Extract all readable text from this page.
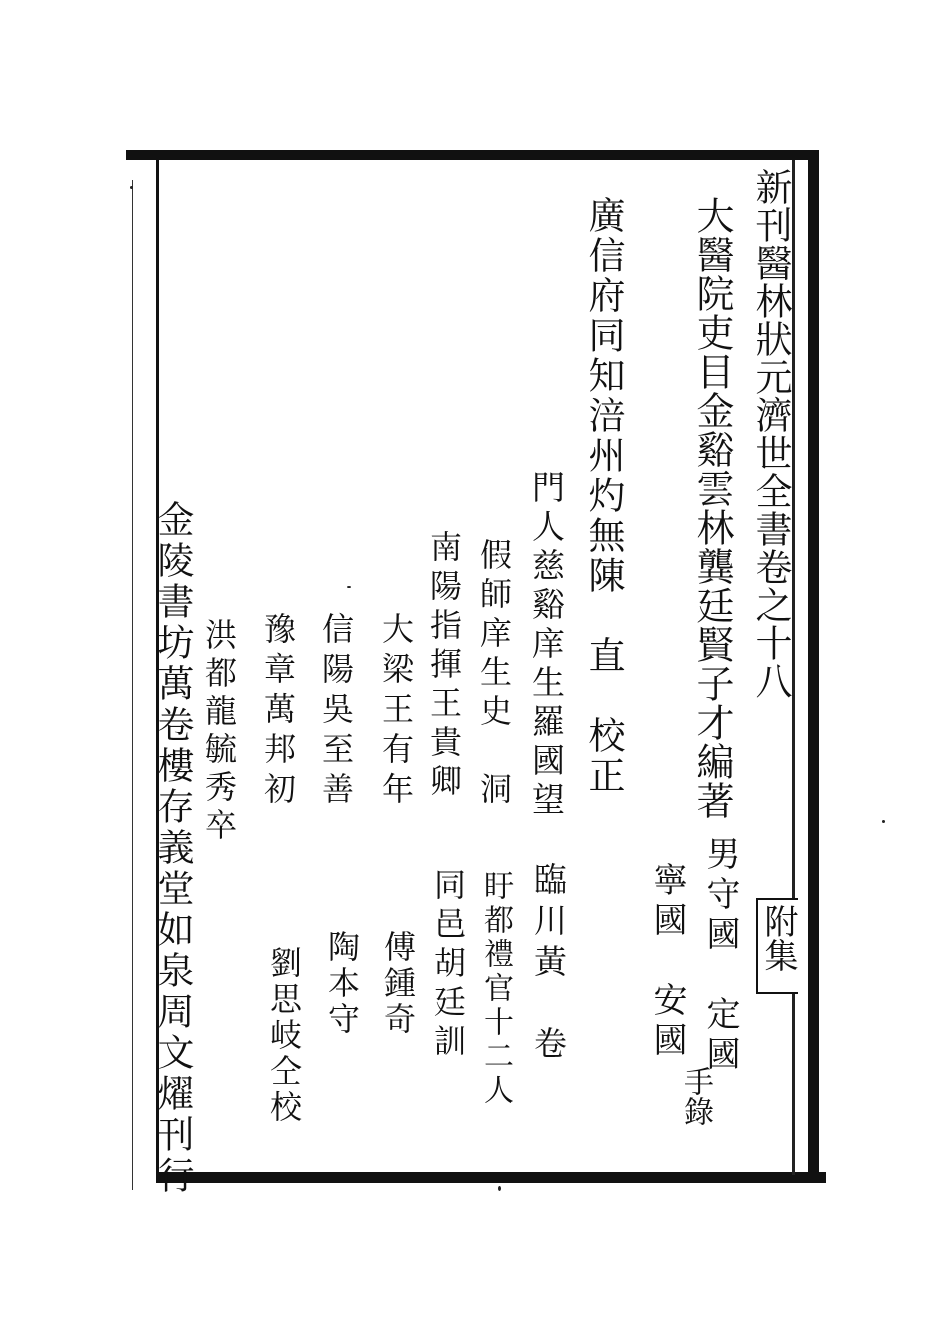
新刊醫林狀元濟世全書卷之十八
大醫院吏目金谿雲林龔廷賢子才編著
男守國　定國
寧國　安國
手錄
附集
廣信府同知涪州灼無陳　直　校正
門人慈谿庠生羅國望
臨川黃　卷
假師庠生史　洞
盱都禮官十二人
南陽指揮王貴卿
同邑胡廷訓
大梁王有年
傅鍾奇
信陽吳至善
陶本守
豫章萬邦初
劉思岐仝校
洪都龍毓秀卒
金陵書坊萬卷樓存義堂如泉周文燿刊行
